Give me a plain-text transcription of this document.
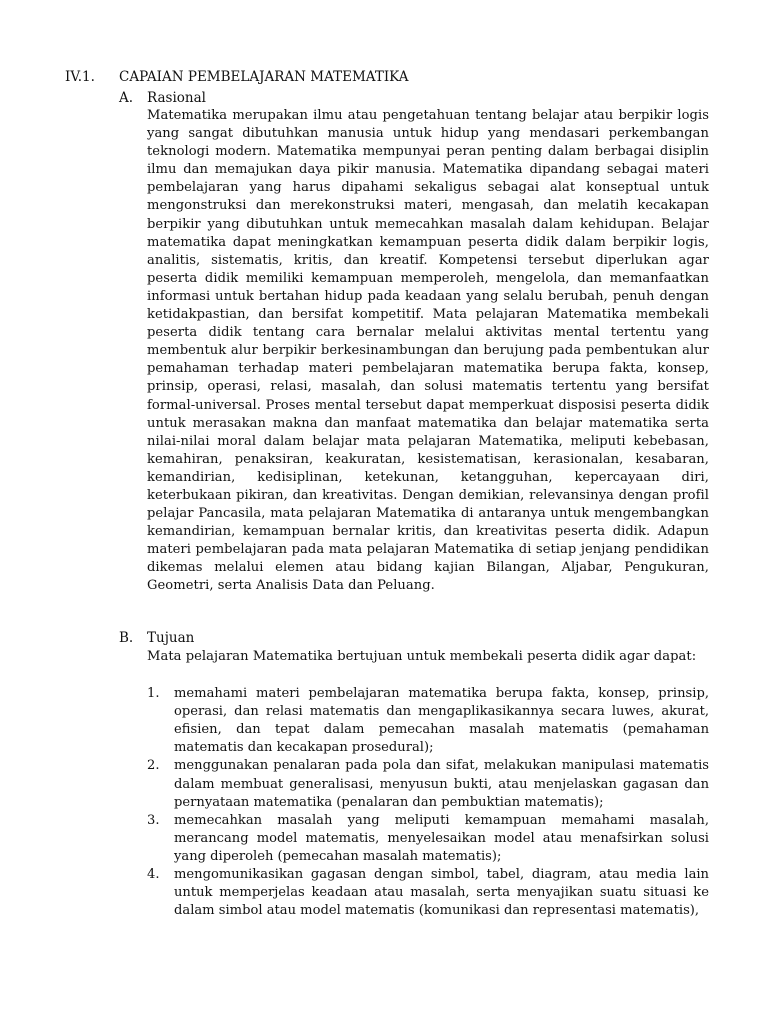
IV.1. CAPAIAN PEMBELAJARAN MATEMATIKA
A. Rasional

Matematika merupakan ilmu atau pengetahuan tentang belajar atau berpikir logis yang sangat dibutuhkan manusia untuk hidup yang mendasari perkembangan teknologi modern. Matematika mempunyai peran penting dalam berbagai disiplin ilmu dan memajukan daya pikir manusia. Matematika dipandang sebagai materi pembelajaran yang harus dipahami sekaligus sebagai alat konseptual untuk mengonstruksi dan merekonstruksi materi, mengasah, dan melatih kecakapan berpikir yang dibutuhkan untuk memecahkan masalah dalam kehidupan. Belajar matematika dapat meningkatkan kemampuan peserta didik dalam berpikir logis, analitis, sistematis, kritis, dan kreatif. Kompetensi tersebut diperlukan agar peserta didik memiliki kemampuan memperoleh, mengelola, dan memanfaatkan informasi untuk bertahan hidup pada keadaan yang selalu berubah, penuh dengan ketidakpastian, dan bersifat kompetitif. Mata pelajaran Matematika membekali peserta didik tentang cara bernalar melalui aktivitas mental tertentu yang membentuk alur berpikir berkesinambungan dan berujung pada pembentukan alur pemahaman terhadap materi pembelajaran matematika berupa fakta, konsep, prinsip, operasi, relasi, masalah, dan solusi matematis tertentu yang bersifat formal-universal. Proses mental tersebut dapat memperkuat disposisi peserta didik untuk merasakan makna dan manfaat matematika dan belajar matematika serta nilai-nilai moral dalam belajar mata pelajaran Matematika, meliputi kebebasan, kemahiran, penaksiran, keakuratan, kesistematisan, kerasionalan, kesabaran, kemandirian, kedisiplinan, ketekunan, ketangguhan, kepercayaan diri, keterbukaan pikiran, dan kreativitas. Dengan demikian, relevansinya dengan profil pelajar Pancasila, mata pelajaran Matematika di antaranya untuk mengembangkan kemandirian, kemampuan bernalar kritis, dan kreativitas peserta didik. Adapun materi pembelajaran pada mata pelajaran Matematika di setiap jenjang pendidikan dikemas melalui elemen atau bidang kajian Bilangan, Aljabar, Pengukuran, Geometri, serta Analisis Data dan Peluang.

B. Tujuan

Mata pelajaran Matematika bertujuan untuk membekali peserta didik agar dapat:

1. memahami materi pembelajaran matematika berupa fakta, konsep, prinsip, operasi, dan relasi matematis dan mengaplikasikannya secara luwes, akurat, efisien, dan tepat dalam pemecahan masalah matematis (pemahaman matematis dan kecakapan prosedural);
2. menggunakan penalaran pada pola dan sifat, melakukan manipulasi matematis dalam membuat generalisasi, menyusun bukti, atau menjelaskan gagasan dan pernyataan matematika (penalaran dan pembuktian matematis);
3. memecahkan masalah yang meliputi kemampuan memahami masalah, merancang model matematis, menyelesaikan model atau menafsirkan solusi yang diperoleh (pemecahan masalah matematis);
4. mengomunikasikan gagasan dengan simbol, tabel, diagram, atau media lain untuk memperjelas keadaan atau masalah, serta menyajikan suatu situasi ke dalam simbol atau model matematis (komunikasi dan representasi matematis),
